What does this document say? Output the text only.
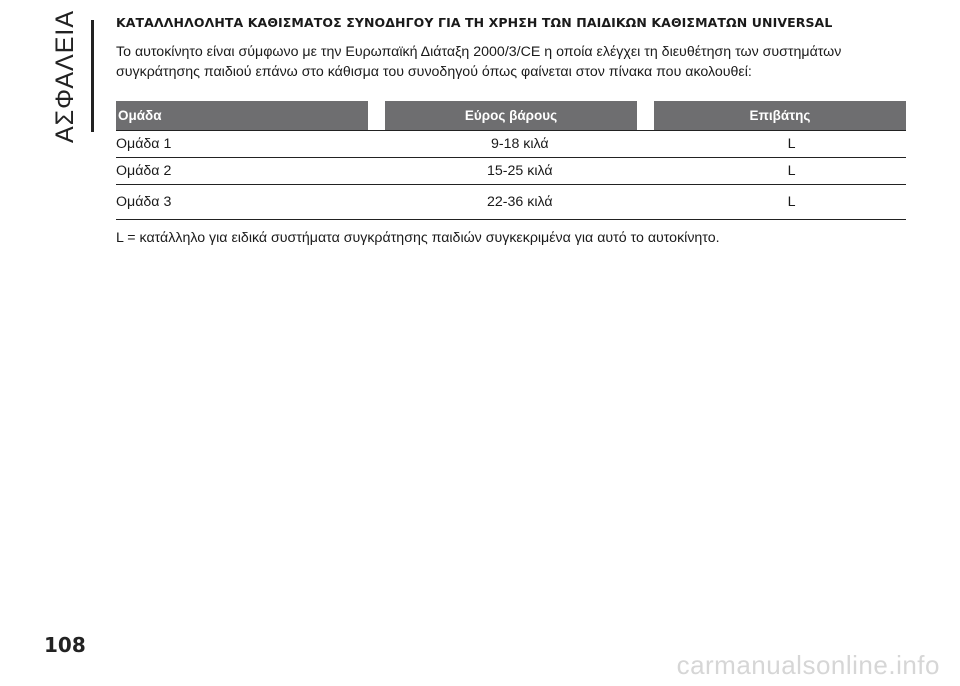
ΑΣΦΑΛΕΙΑ	ΚΑΤΑΛΛΗΛΟΛΗΤΑ ΚΑΘΙΣΜΑΤΟΣ ΣΥΝΟΔΗΓΟΥ ΓΙΑ ΤΗ ΧΡΗΣΗ ΤΩΝ ΠΑΙΔΙΚΩΝ ΚΑΘΙΣΜΑΤΩΝ UNIVERSAL

Το αυτοκίνητο είναι σύμφωνο με την Ευρωπαϊκή Διάταξη 2000/3/CE η οποία ελέγχει τη διευθέτηση των συστημάτων
συγκράτησης παιδιού επάνω στο κάθισμα του συνοδηγού όπως φαίνεται στον πίνακα που ακολουθεί:

Ομάδα	Εύρος βάρους	Επιβάτης
Ομάδα 1	9-18 κιλά	L
Ομάδα 2	15-25 κιλά	L
Ομάδα 3	22-36 κιλά	L

L = κατάλληλο για ειδικά συστήματα συγκράτησης παιδιών συγκεκριμένα για αυτό το αυτοκίνητο.

108
carmanualsonline.info
